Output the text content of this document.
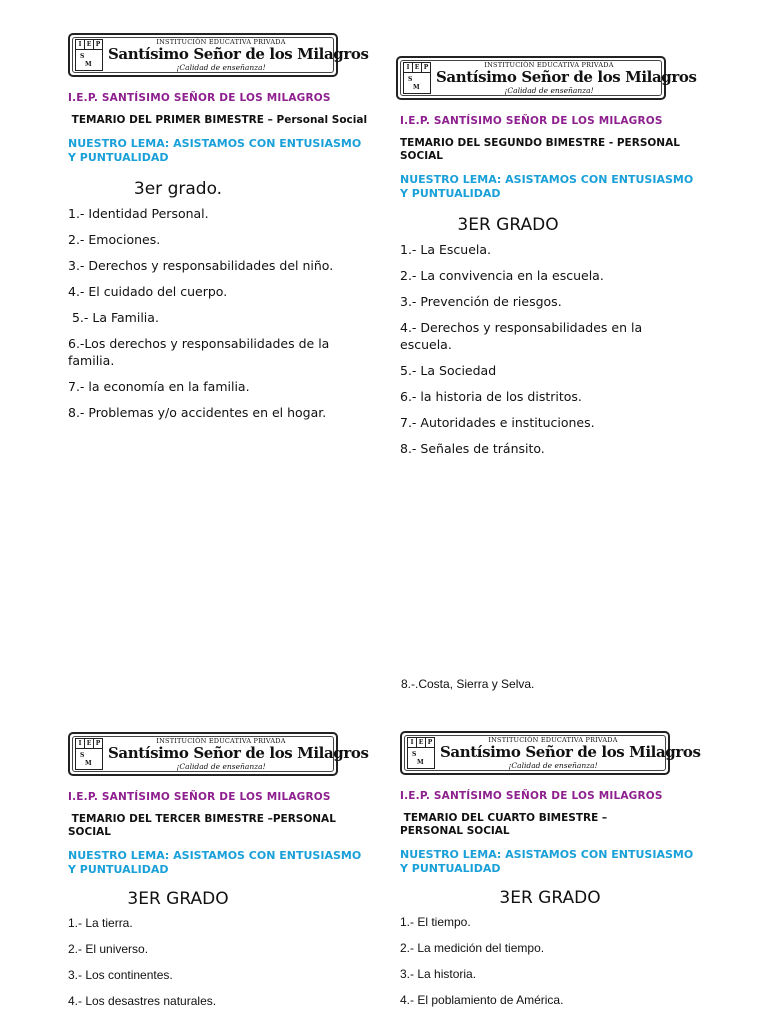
I E P
S
M
INSTITUCIÓN EDUCATIVA PRIVADA
Santísimo Señor de los Milagros
¡Calidad de enseñanza!
I.E.P. SANTÍSIMO SEÑOR DE LOS MILAGROS
TEMARIO DEL PRIMER BIMESTRE – Personal Social
NUESTRO LEMA: ASISTAMOS CON ENTUSIASMO Y PUNTUALIDAD
3er grado.
1.- Identidad Personal.
2.- Emociones.
3.- Derechos y responsabilidades del niño.
4.- El cuidado del cuerpo.
5.- La Familia.
6.-Los derechos y responsabilidades de la familia.
7.- la economía en la familia.
8.- Problemas y/o accidentes en el hogar.
I E P
S
M
INSTITUCIÓN EDUCATIVA PRIVADA
Santísimo Señor de los Milagros
¡Calidad de enseñanza!
I.E.P. SANTÍSIMO SEÑOR DE LOS MILAGROS
TEMARIO DEL SEGUNDO BIMESTRE - PERSONAL SOCIAL
NUESTRO LEMA: ASISTAMOS CON ENTUSIASMO Y PUNTUALIDAD
3ER GRADO
1.- La Escuela.
2.- La convivencia en la escuela.
3.- Prevención de riesgos.
4.- Derechos y responsabilidades en la escuela.
5.- La Sociedad
6.- la historia de los distritos.
7.- Autoridades e instituciones.
8.- Señales de tránsito.
8.-.Costa, Sierra y Selva.
I E P
S
M
INSTITUCIÓN EDUCATIVA PRIVADA
Santísimo Señor de los Milagros
¡Calidad de enseñanza!
I.E.P. SANTÍSIMO SEÑOR DE LOS MILAGROS
TEMARIO DEL TERCER BIMESTRE –PERSONAL SOCIAL
NUESTRO LEMA: ASISTAMOS CON ENTUSIASMO Y PUNTUALIDAD
3ER GRADO
1.- La tierra.
2.- El universo.
3.- Los continentes.
4.- Los desastres naturales.
I E P
S
M
INSTITUCIÓN EDUCATIVA PRIVADA
Santísimo Señor de los Milagros
¡Calidad de enseñanza!
I.E.P. SANTÍSIMO SEÑOR DE LOS MILAGROS
TEMARIO DEL CUARTO BIMESTRE – PERSONAL SOCIAL
NUESTRO LEMA: ASISTAMOS CON ENTUSIASMO Y PUNTUALIDAD
3ER GRADO
1.- El tiempo.
2.- La medición del tiempo.
3.- La historia.
4.- El poblamiento de América.
